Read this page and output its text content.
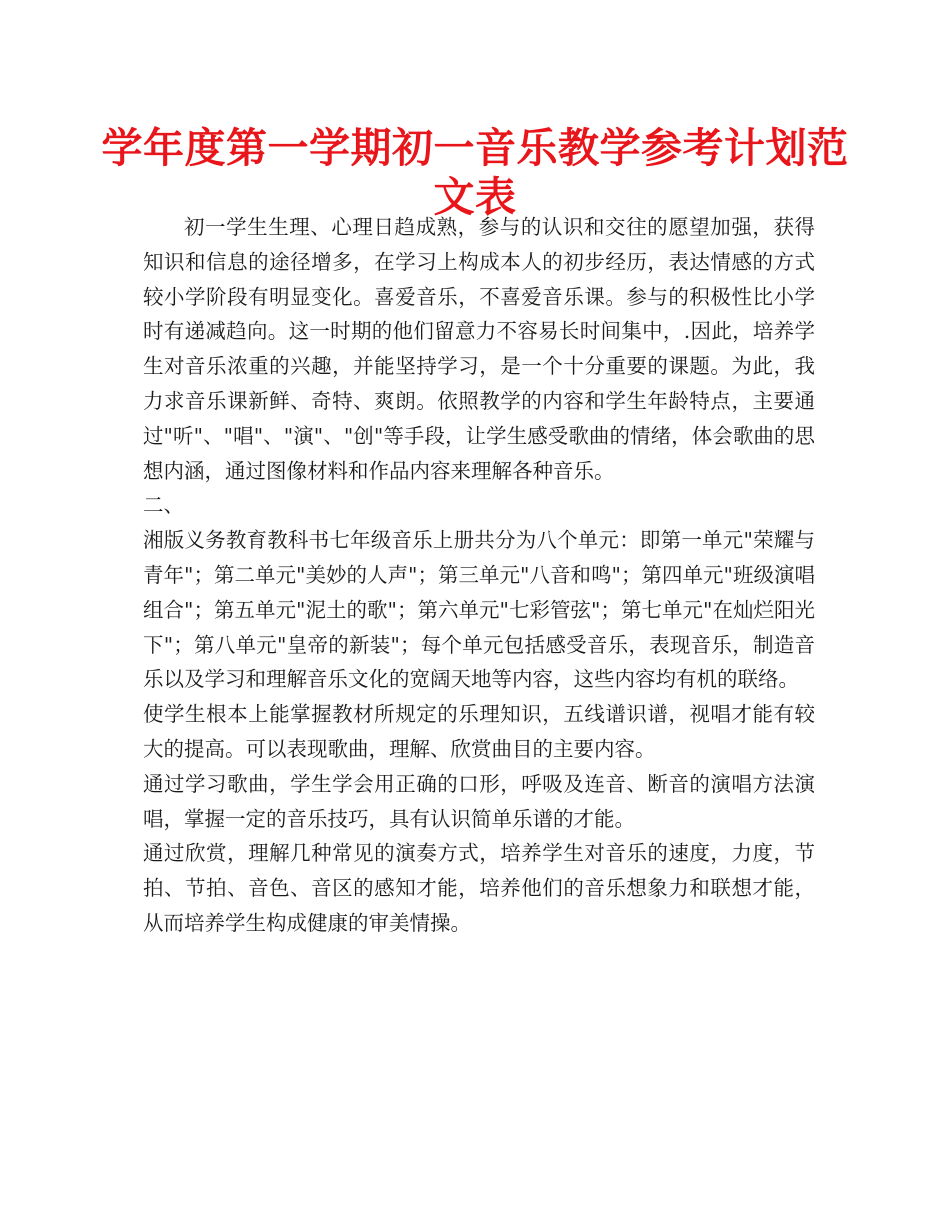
学年度第一学期初一音乐教学参考计划范文表

初一学生生理、心理日趋成熟，参与的认识和交往的愿望加强，获得知识和信息的途径增多，在学习上构成本人的初步经历，表达情感的方式较小学阶段有明显变化。喜爱音乐，不喜爱音乐课。参与的积极性比小学时有递减趋向。这一时期的他们留意力不容易长时间集中，.因此，培养学生对音乐浓重的兴趣，并能坚持学习，是一个十分重要的课题。为此，我力求音乐课新鲜、奇特、爽朗。依照教学的内容和学生年龄特点，主要通过"听"、"唱"、"演"、"创"等手段，让学生感受歌曲的情绪，体会歌曲的思想内涵，通过图像材料和作品内容来理解各种音乐。

二、

湘版义务教育教科书七年级音乐上册共分为八个单元：即第一单元"荣耀与青年"；第二单元"美妙的人声"；第三单元"八音和鸣"；第四单元"班级演唱组合"；第五单元"泥土的歌"；第六单元"七彩管弦"；第七单元"在灿烂阳光下"；第八单元"皇帝的新装"；每个单元包括感受音乐，表现音乐，制造音乐以及学习和理解音乐文化的宽阔天地等内容，这些内容均有机的联络。

使学生根本上能掌握教材所规定的乐理知识，五线谱识谱，视唱才能有较大的提高。可以表现歌曲，理解、欣赏曲目的主要内容。

通过学习歌曲，学生学会用正确的口形，呼吸及连音、断音的演唱方法演唱，掌握一定的音乐技巧，具有认识简单乐谱的才能。

通过欣赏，理解几种常见的演奏方式，培养学生对音乐的速度，力度，节拍、节拍、音色、音区的感知才能，培养他们的音乐想象力和联想才能，从而培养学生构成健康的审美情操。
